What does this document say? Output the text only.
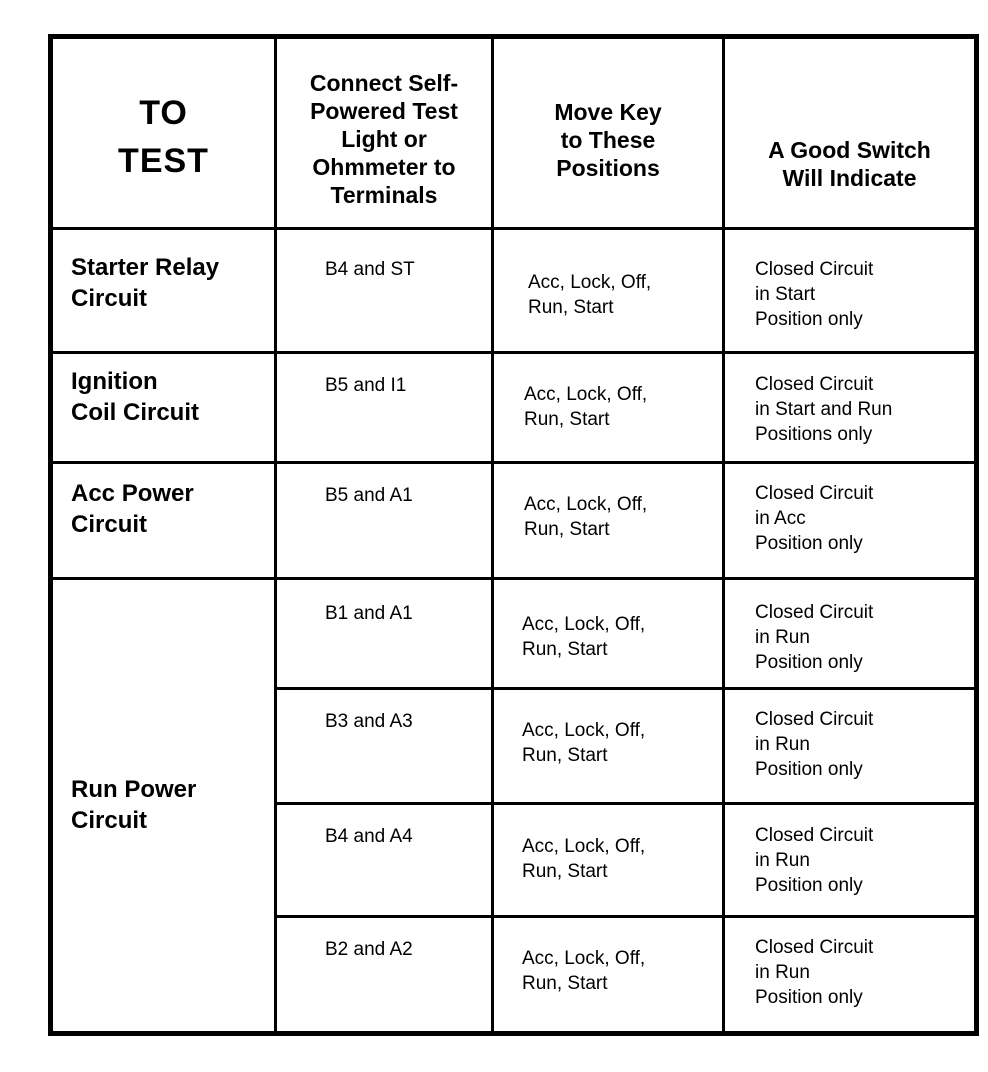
TO
TEST	Connect Self-
Powered Test
Light or
Ohmmeter to
Terminals	Move Key
to These
Positions	A Good Switch
Will Indicate

Starter Relay
Circuit	B4 and ST	Acc, Lock, Off,
Run, Start	Closed Circuit
in Start
Position only

Ignition
Coil Circuit	B5 and I1	Acc, Lock, Off,
Run, Start	Closed Circuit
in Start and Run
Positions only

Acc Power
Circuit	B5 and A1	Acc, Lock, Off,
Run, Start	Closed Circuit
in Acc
Position only

Run Power
Circuit	B1 and A1	Acc, Lock, Off,
Run, Start	Closed Circuit
in Run
Position only

	B3 and A3	Acc, Lock, Off,
Run, Start	Closed Circuit
in Run
Position only

	B4 and A4	Acc, Lock, Off,
Run, Start	Closed Circuit
in Run
Position only

	B2 and A2	Acc, Lock, Off,
Run, Start	Closed Circuit
in Run
Position only
